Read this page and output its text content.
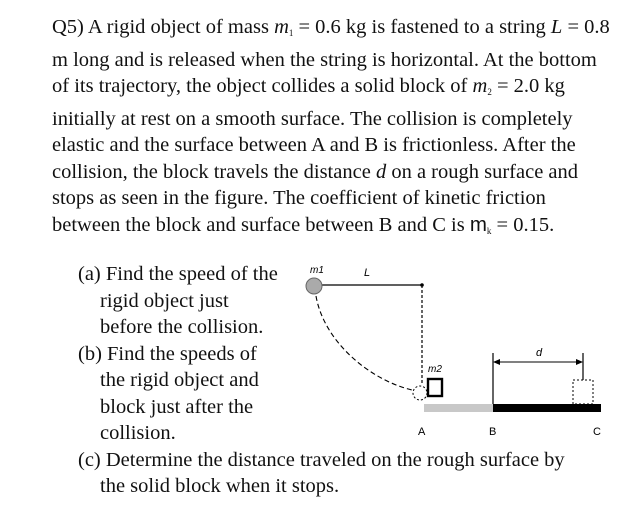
Q5) A rigid object of mass $m_1 = 0.6$ kg is fastened to a string L = 0.8 m long and is released when the string is horizontal. At the bottom of its trajectory, the object collides a solid block of $m_2 = 2.0$ kg initially at rest on a smooth surface. The collision is completely elastic and the surface between A and B is frictionless. After the collision, the block travels the distance d on a rough surface and stops as seen in the figure. The coefficient of kinetic friction between the block and surface between B and C is $m_k = 0.15$.

(a) Find the speed of the
rigid object just
before the collision.
(b) Find the speeds of
the rigid object and
block just after the
collision.
(c) Determine the distance traveled on the rough surface by
the solid block when it stops.
m1	L
m2
d
A	B	C
